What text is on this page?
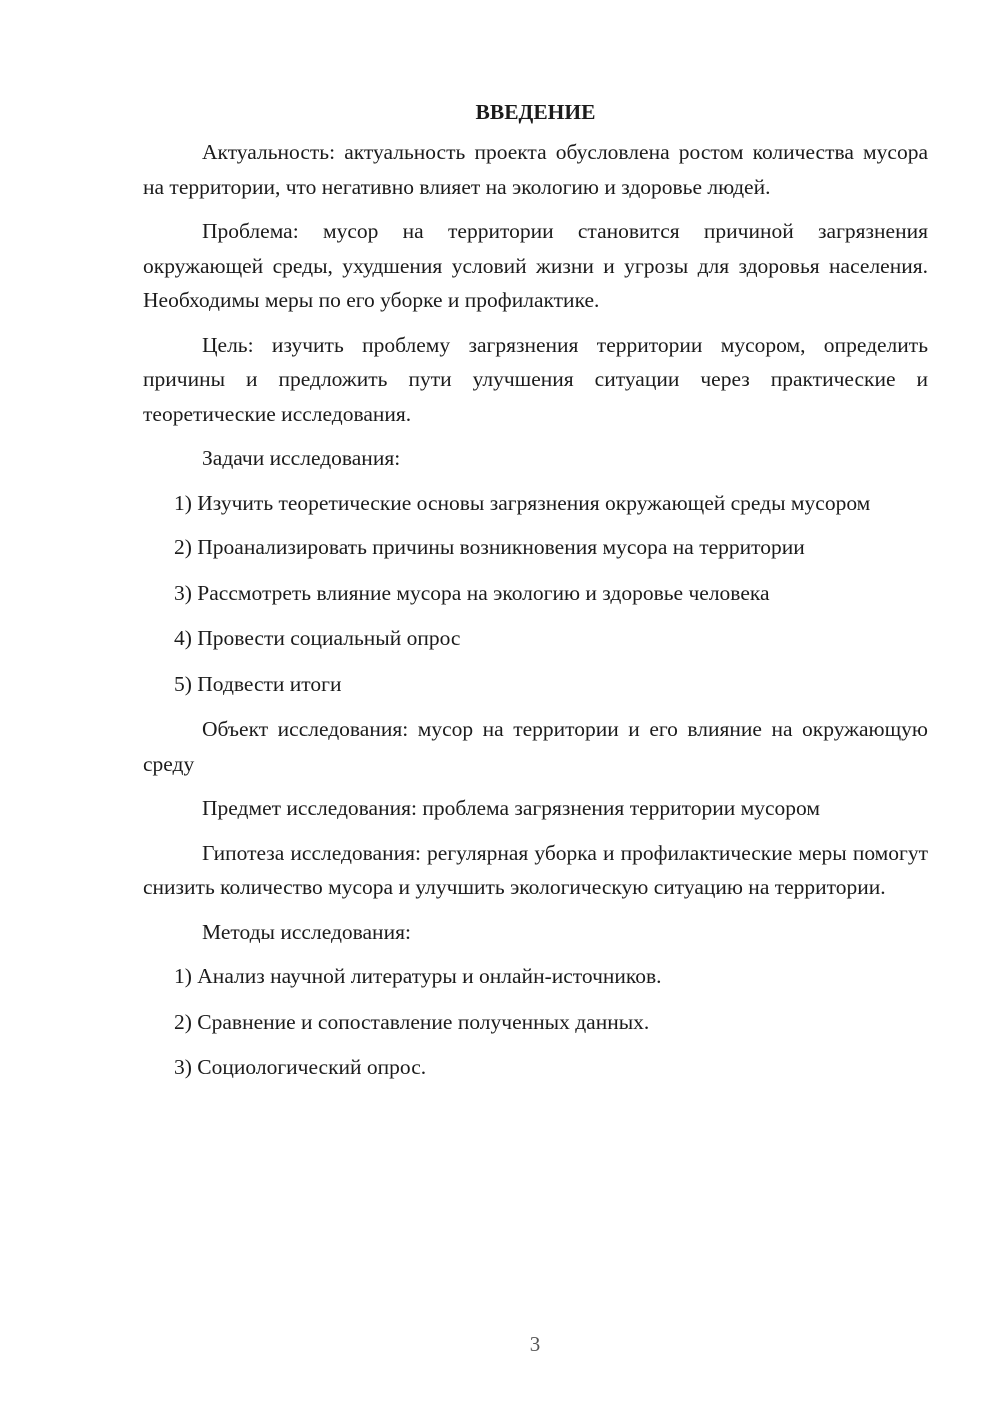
ВВЕДЕНИЕ

Актуальность: актуальность проекта обусловлена ростом количества мусора на территории, что негативно влияет на экологию и здоровье людей.

Проблема: мусор на территории становится причиной загрязнения окружающей среды, ухудшения условий жизни и угрозы для здоровья населения. Необходимы меры по его уборке и профилактике.

Цель: изучить проблему загрязнения территории мусором, определить причины и предложить пути улучшения ситуации через практические и теоретические исследования.

Задачи исследования:

1) Изучить теоретические основы загрязнения окружающей среды мусором

2) Проанализировать причины возникновения мусора на территории

3) Рассмотреть влияние мусора на экологию и здоровье человека

4) Провести социальный опрос

5) Подвести итоги

Объект исследования: мусор на территории и его влияние на окружающую среду

Предмет исследования: проблема загрязнения территории мусором

Гипотеза исследования: регулярная уборка и профилактические меры помогут снизить количество мусора и улучшить экологическую ситуацию на территории.

Методы исследования:

1) Анализ научной литературы и онлайн-источников.

2) Сравнение и сопоставление полученных данных.

3) Социологический опрос.

3
